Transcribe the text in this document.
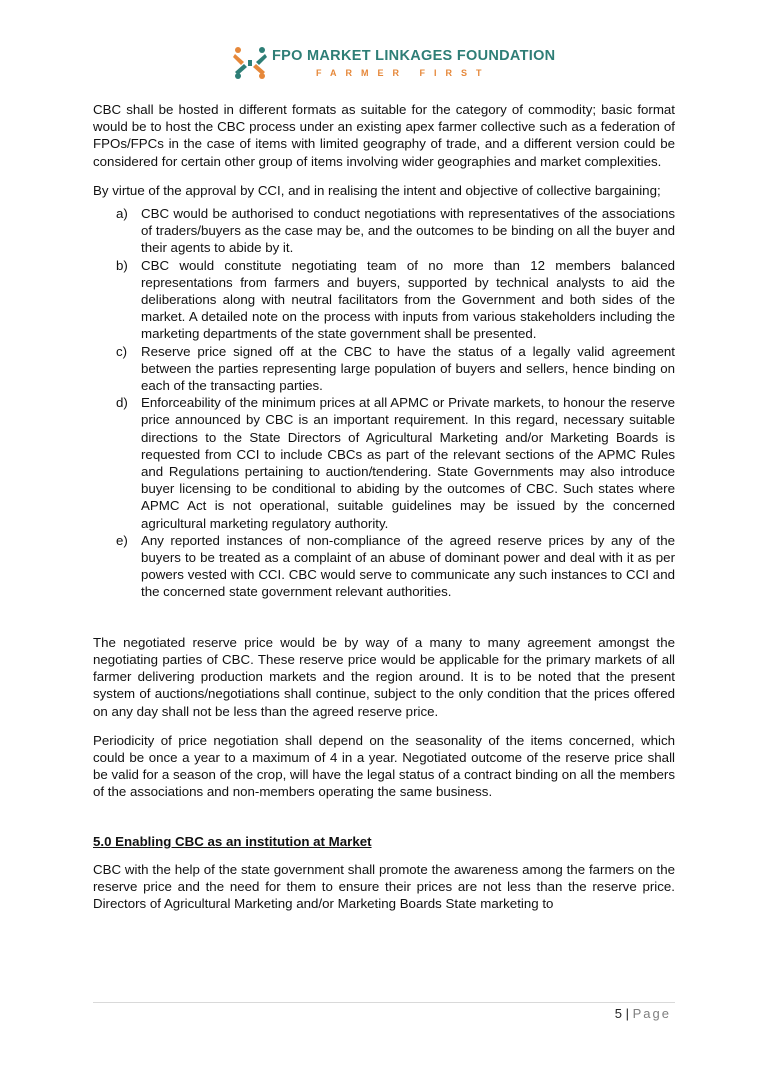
FPO MARKET LINKAGES FOUNDATION
FARMER FIRST

CBC shall be hosted in different formats as suitable for the category of commodity; basic format would be to host the CBC process under an existing apex farmer collective such as a federation of FPOs/FPCs in the case of items with limited geography of trade, and a different version could be considered for certain other group of items involving wider geographies and market complexities.

By virtue of the approval by CCI, and in realising the intent and objective of collective bargaining;

a) CBC would be authorised to conduct negotiations with representatives of the associations of traders/buyers as the case may be, and the outcomes to be binding on all the buyer and their agents to abide by it.
b) CBC would constitute negotiating team of no more than 12 members balanced representations from farmers and buyers, supported by technical analysts to aid the deliberations along with neutral facilitators from the Government and both sides of the market. A detailed note on the process with inputs from various stakeholders including the marketing departments of the state government shall be presented.
c) Reserve price signed off at the CBC to have the status of a legally valid agreement between the parties representing large population of buyers and sellers, hence binding on each of the transacting parties.
d) Enforceability of the minimum prices at all APMC or Private markets, to honour the reserve price announced by CBC is an important requirement. In this regard, necessary suitable directions to the State Directors of Agricultural Marketing and/or Marketing Boards is requested from CCI to include CBCs as part of the relevant sections of the APMC Rules and Regulations pertaining to auction/tendering. State Governments may also introduce buyer licensing to be conditional to abiding by the outcomes of CBC. Such states where APMC Act is not operational, suitable guidelines may be issued by the concerned agricultural marketing regulatory authority.
e) Any reported instances of non-compliance of the agreed reserve prices by any of the buyers to be treated as a complaint of an abuse of dominant power and deal with it as per powers vested with CCI. CBC would serve to communicate any such instances to CCI and the concerned state government relevant authorities.

The negotiated reserve price would be by way of a many to many agreement amongst the negotiating parties of CBC. These reserve price would be applicable for the primary markets of all farmer delivering production markets and the region around. It is to be noted that the present system of auctions/negotiations shall continue, subject to the only condition that the prices offered on any day shall not be less than the agreed reserve price.

Periodicity of price negotiation shall depend on the seasonality of the items concerned, which could be once a year to a maximum of 4 in a year. Negotiated outcome of the reserve price shall be valid for a season of the crop, will have the legal status of a contract binding on all the members of the associations and non-members operating the same business.

5.0 Enabling CBC as an institution at Market

CBC with the help of the state government shall promote the awareness among the farmers on the reserve price and the need for them to ensure their prices are not less than the reserve price. Directors of Agricultural Marketing and/or Marketing Boards State marketing to

5 | Page
